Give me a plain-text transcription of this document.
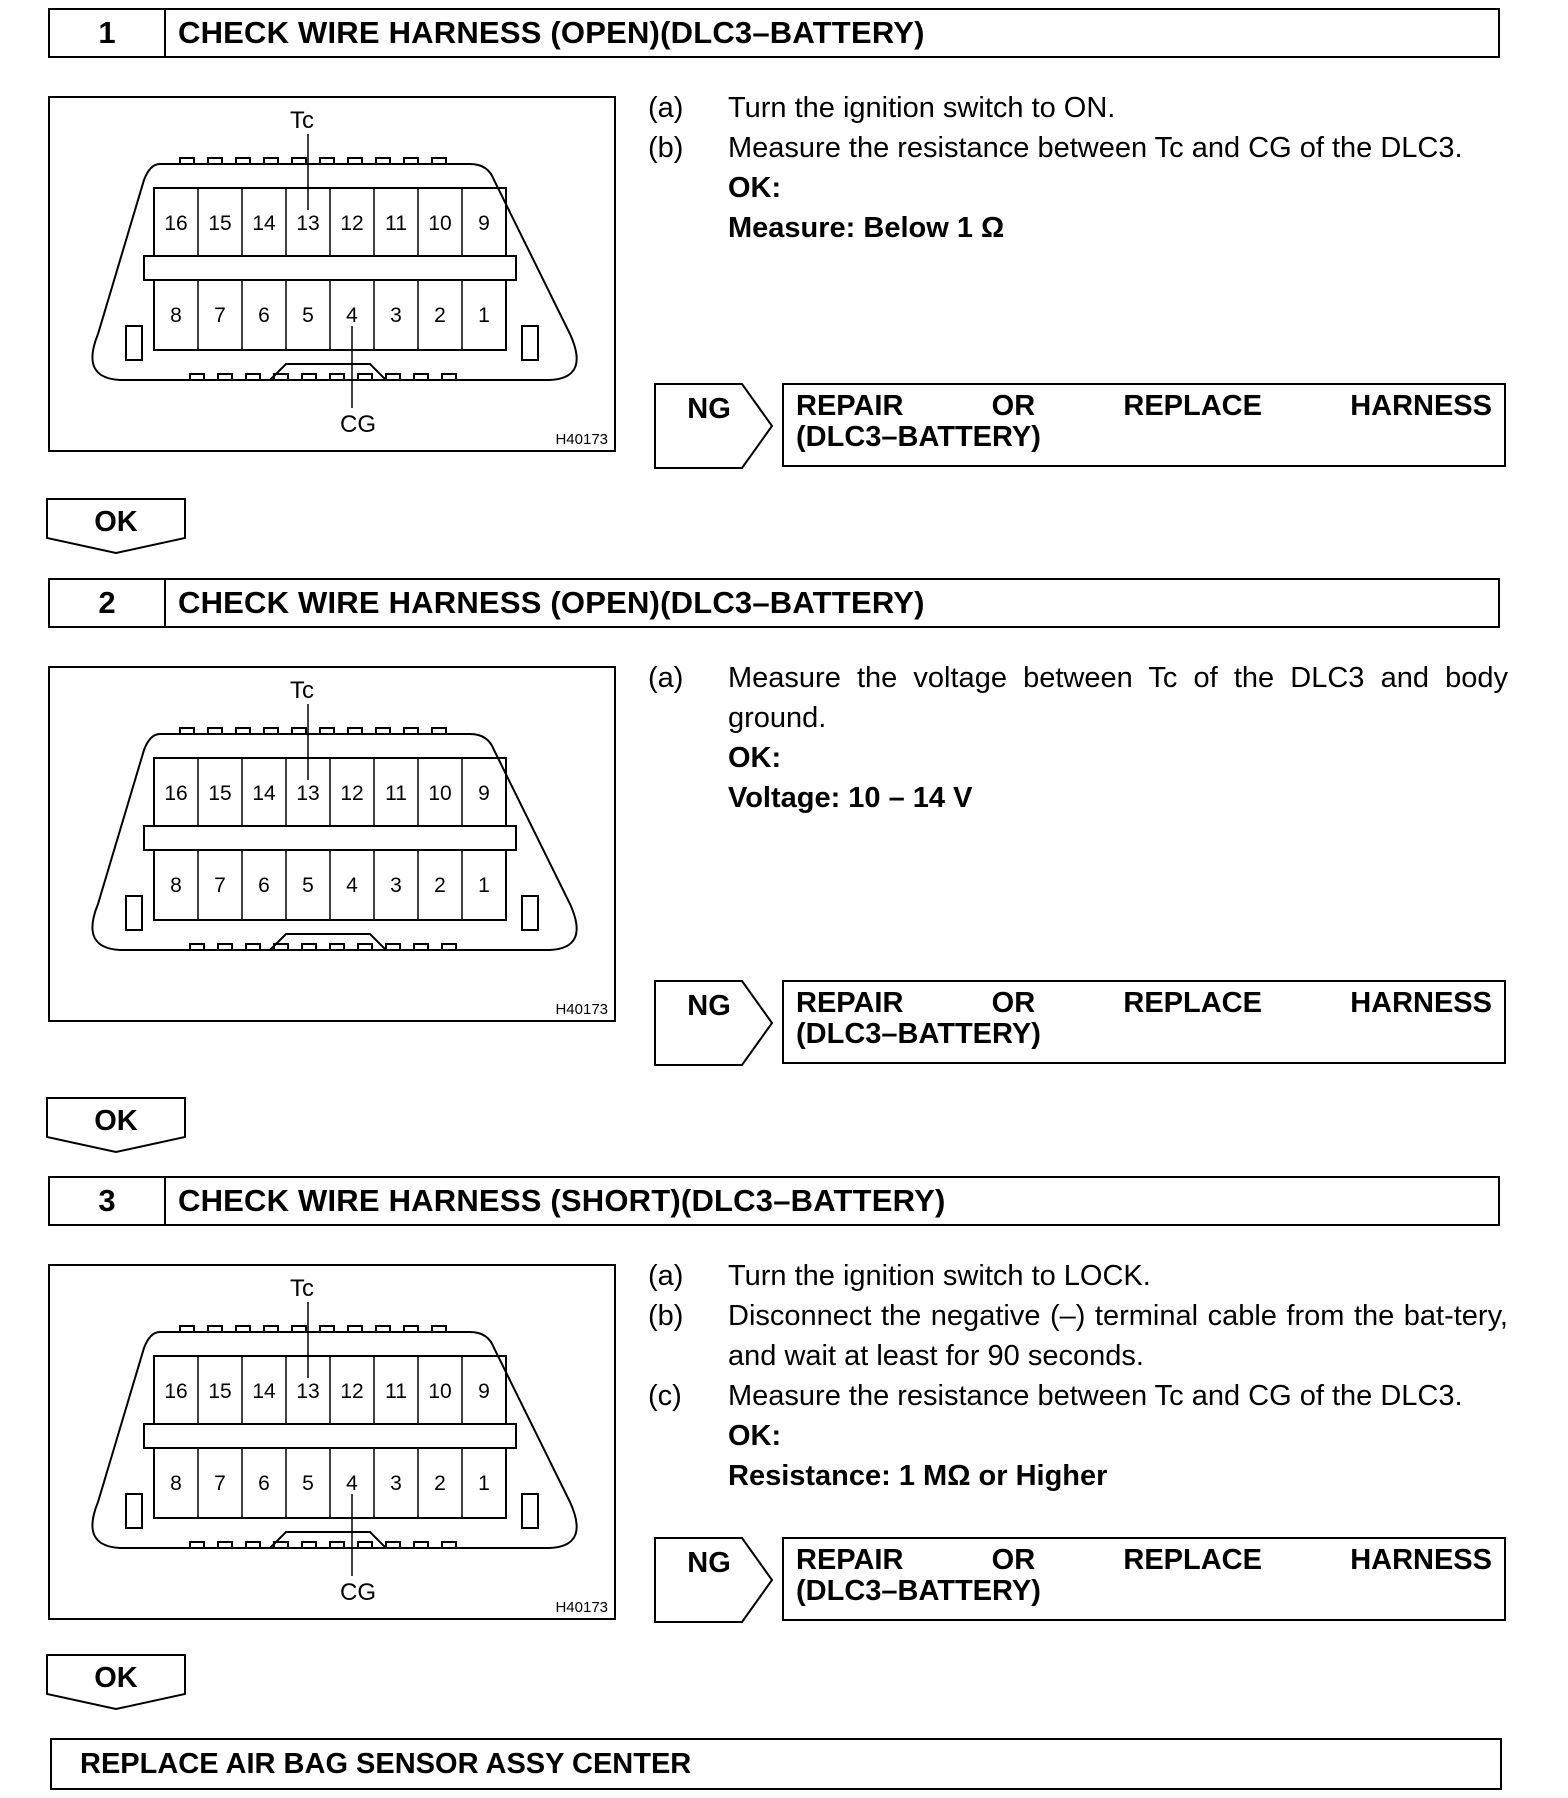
1	CHECK WIRE HARNESS (OPEN)(DLC3–BATTERY)
16 15 14 13 12 11 10 9
8 7 6 5 4 3 2 1
Tc
CG
H40173
(a)	Turn the ignition switch to ON.
(b)	Measure the resistance between Tc and CG of the DLC3.
OK:
Measure: Below 1 Ω
NG	REPAIR OR REPLACE HARNESS
(DLC3–BATTERY)
OK
2	CHECK WIRE HARNESS (OPEN)(DLC3–BATTERY)
16 15 14 13 12 11 10 9
8 7 6 5 4 3 2 1
Tc
H40173
(a)	Measure the voltage between Tc of the DLC3 and body ground.
OK:
Voltage: 10 – 14 V
NG	REPAIR OR REPLACE HARNESS
(DLC3–BATTERY)
OK
3	CHECK WIRE HARNESS (SHORT)(DLC3–BATTERY)
16 15 14 13 12 11 10 9
8 7 6 5 4 3 2 1
Tc
CG
H40173
(a)	Turn the ignition switch to LOCK.
(b)	Disconnect the negative (–) terminal cable from the bat-tery, and wait at least for 90 seconds.
(c)	Measure the resistance between Tc and CG of the DLC3.
OK:
Resistance: 1 MΩ or Higher
NG	REPAIR OR REPLACE HARNESS
(DLC3–BATTERY)
OK
REPLACE AIR BAG SENSOR ASSY CENTER
